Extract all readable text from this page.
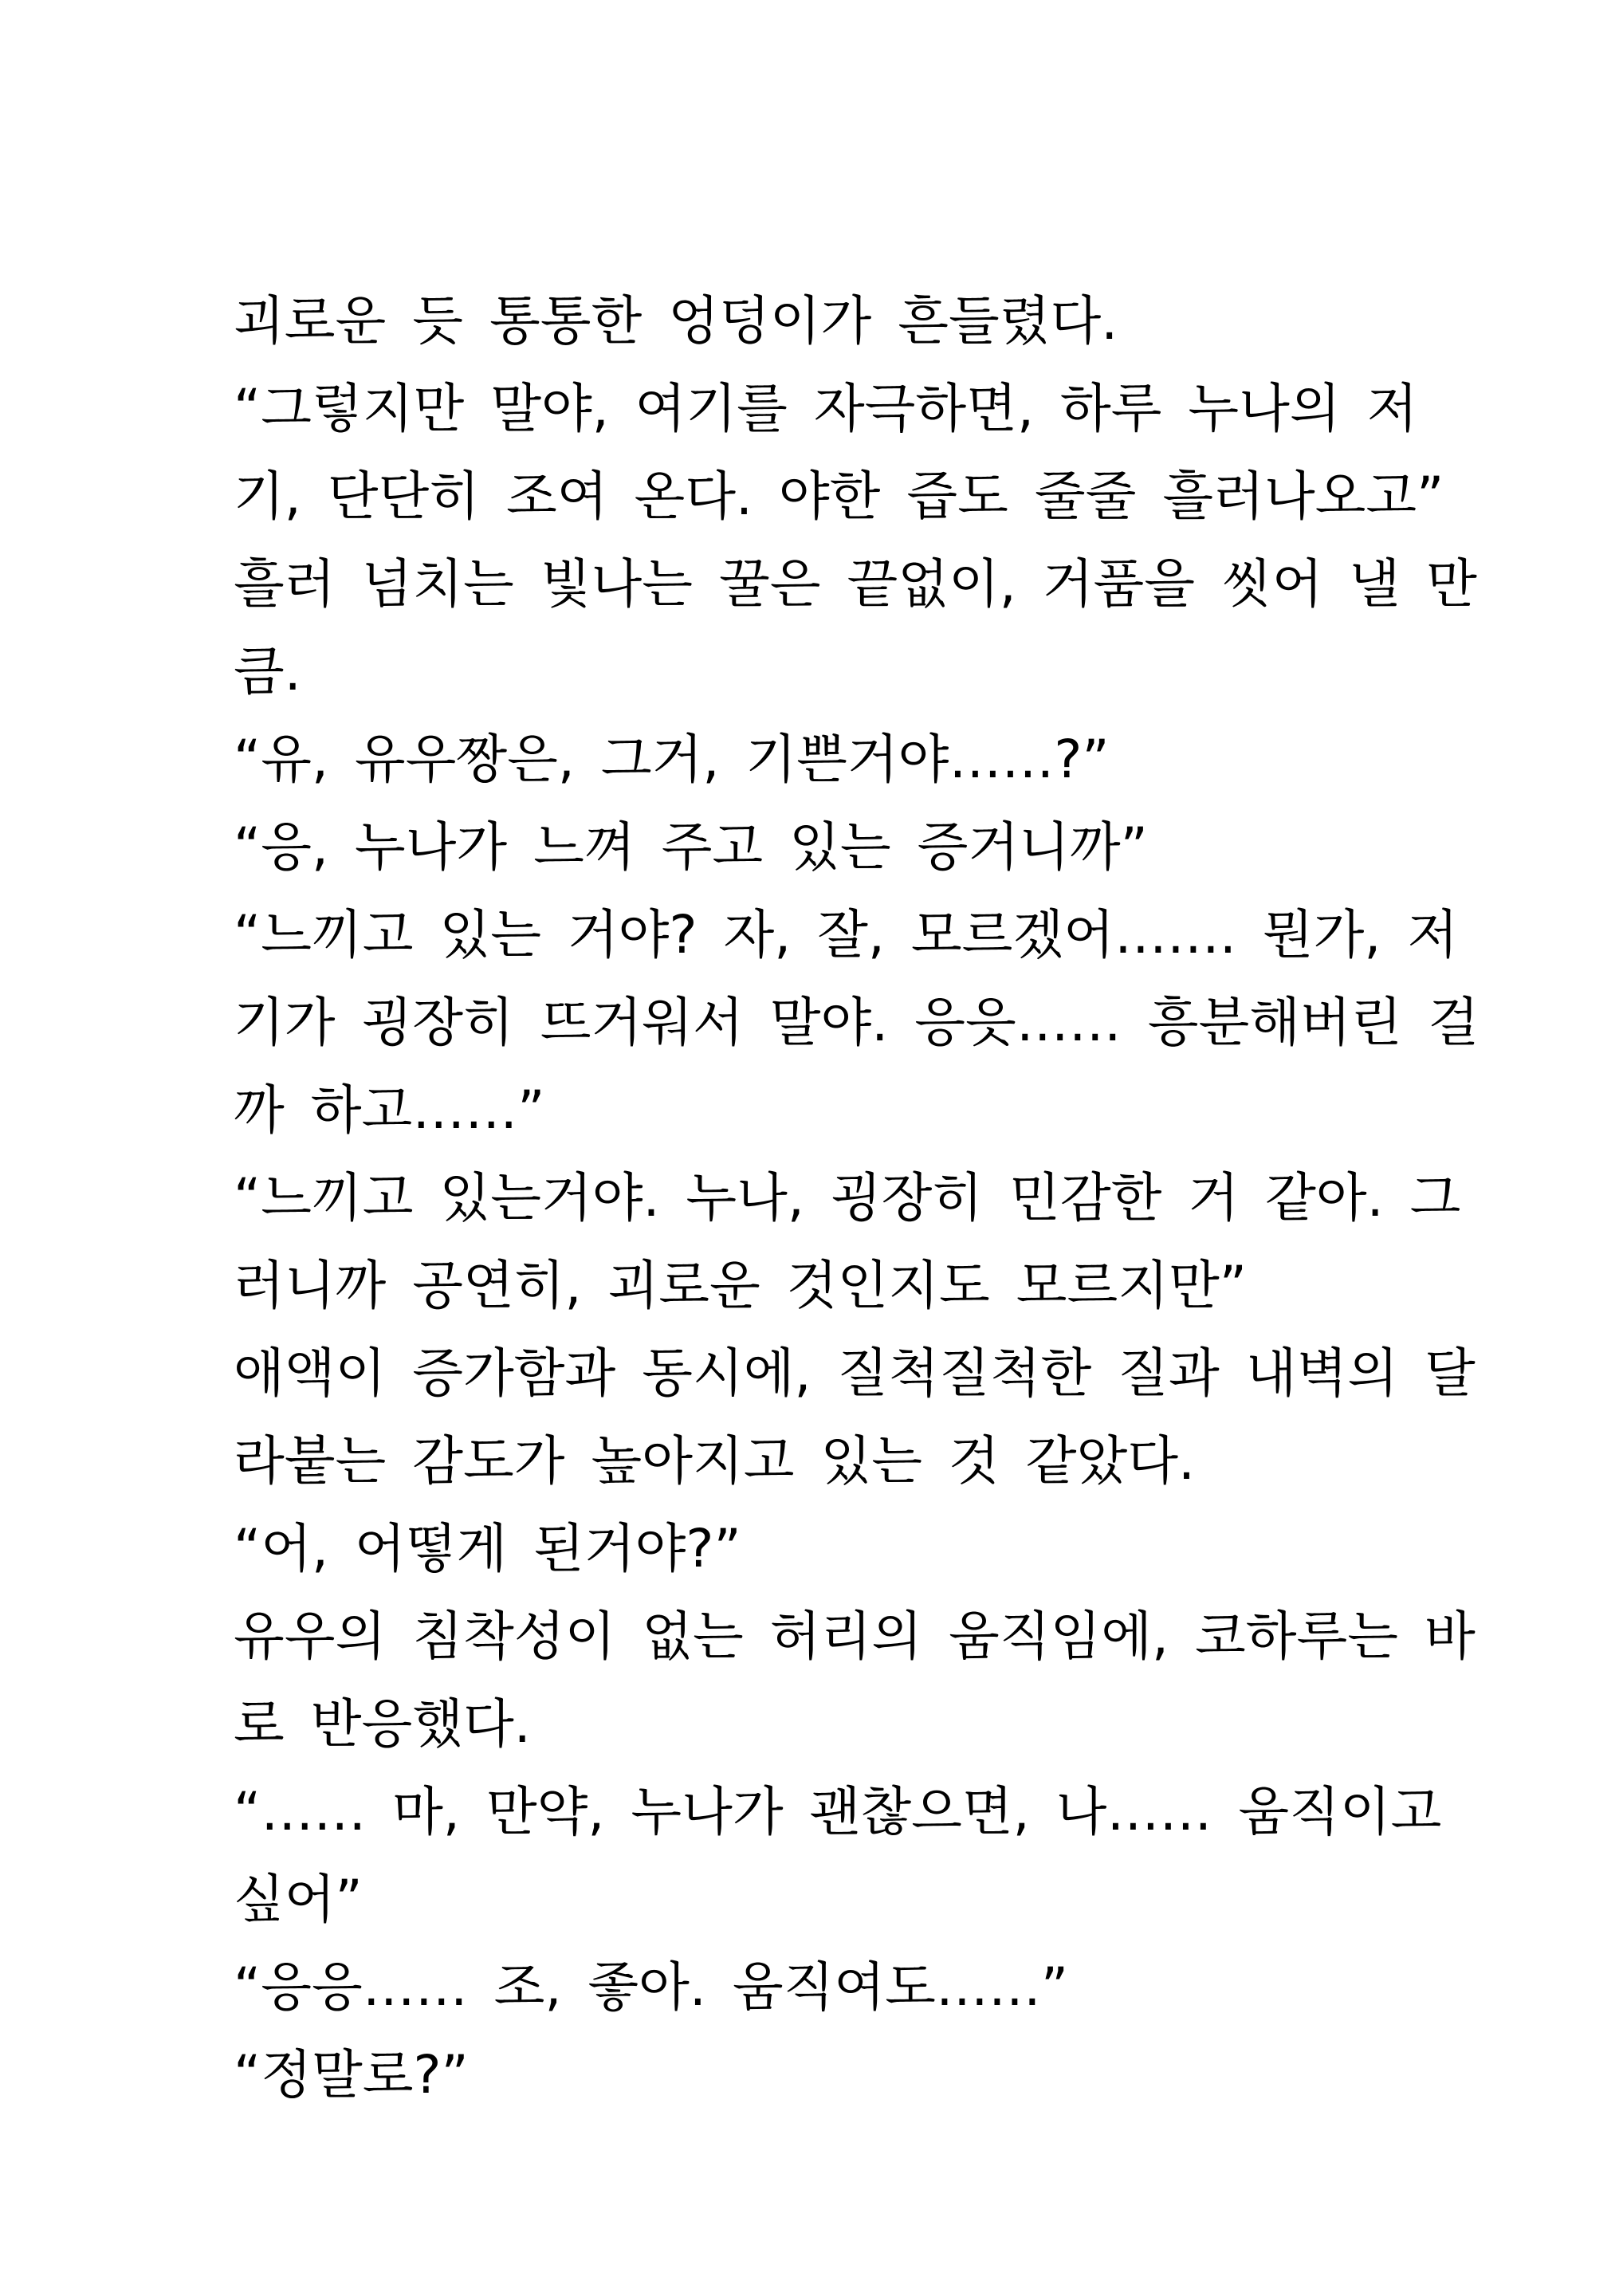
괴로운 듯 통통한 엉덩이가 흔들렸다.
“그렇지만 말야, 여기를 자극하면, 하루 누나의 저
기, 단단히 조여 온다. 야한 즙도 줄줄 흘러나오고”
흘러 넘치는 빛나는 꿀은 끝없이, 거품을 씻어 낼 만
큼.
“유, 유우짱은, 그거, 기쁜거야……?”
“응, 누나가 느껴 주고 있는 증거니까”
“느끼고 있는 거야? 자, 잘, 모르겠어……. 뭔가, 저
기가 굉장히 뜨거워서 말야. 응읏…… 흥분해버린 걸
까 하고……”
“느끼고 있는거야. 누나, 굉장히 민감한 거 같아. 그
러니까 공연히, 괴로운 것인지도 모르지만”
애액이 증가함과 동시에, 질척질척한 질과 내벽의 달
라붙는 감도가 높아지고 있는 것 같았다.
“어, 어떻게 된거야?”
유우의 침착성이 없는 허리의 움직임에, 코하루는 바
로 반응했다.
“…… 마, 만약, 누나가 괜찮으면, 나…… 움직이고
싶어”
“응응…… 조, 좋아. 움직여도……”
“정말로?”
